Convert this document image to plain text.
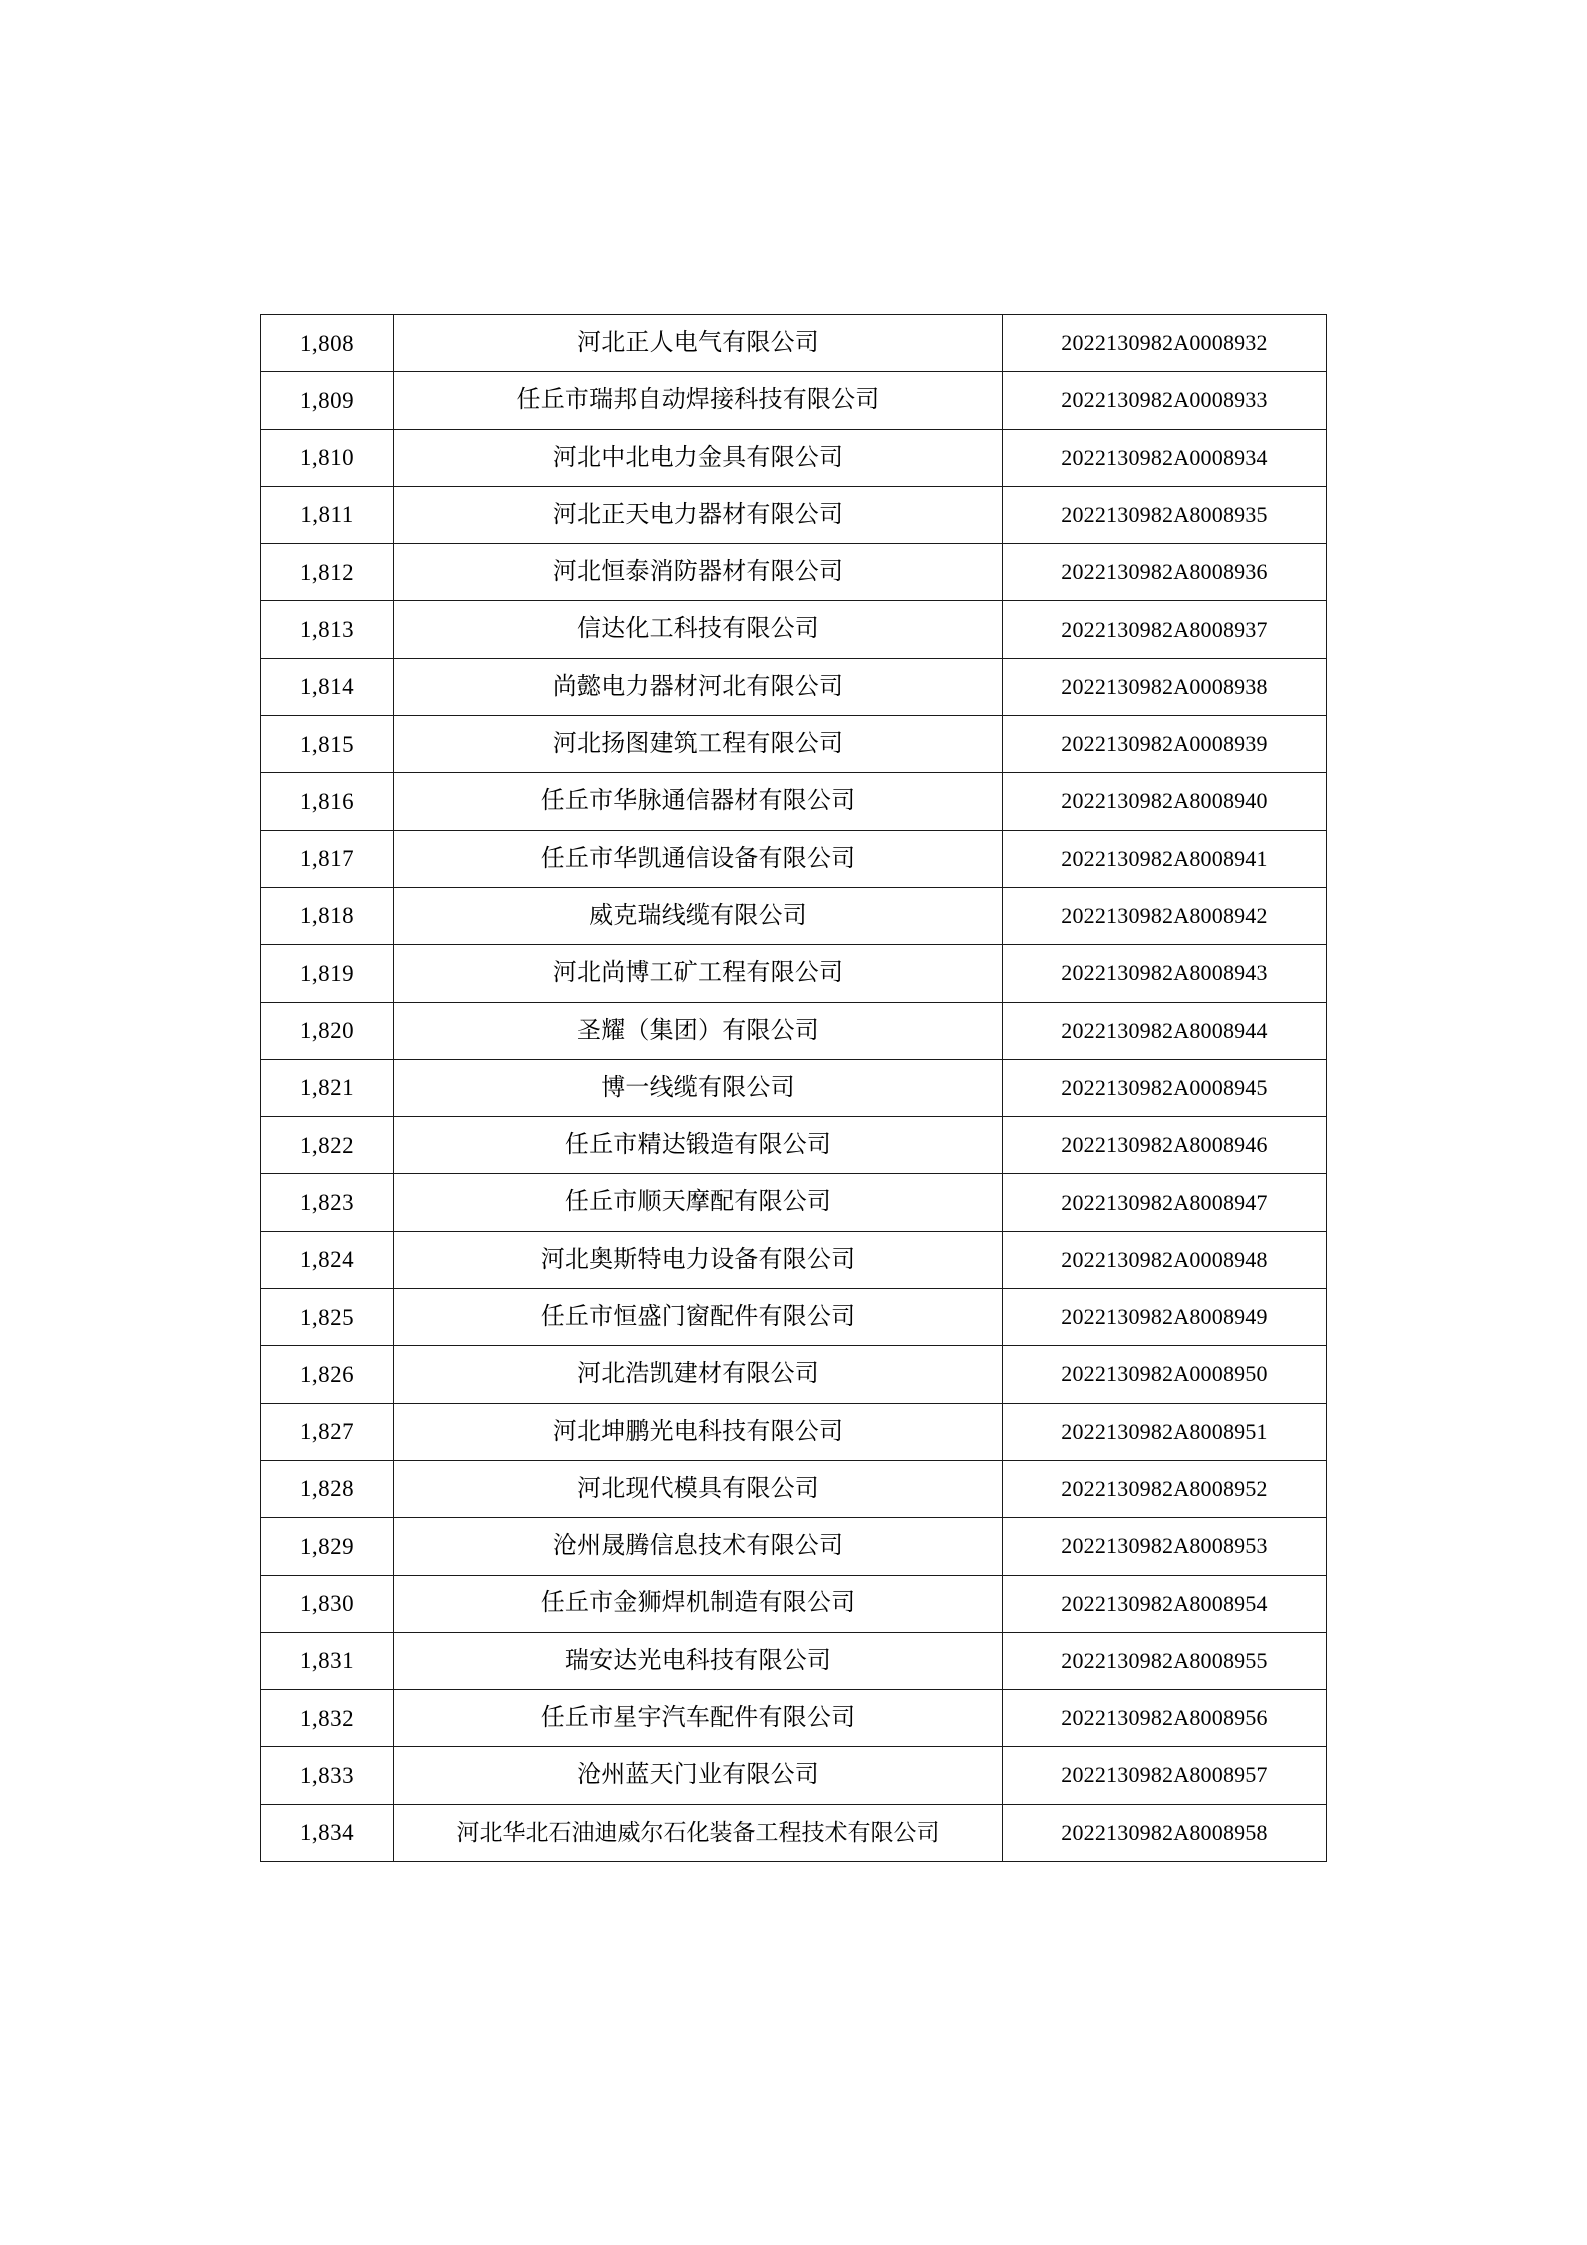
1,808	河北正人电气有限公司	2022130982A0008932
1,809	任丘市瑞邦自动焊接科技有限公司	2022130982A0008933
1,810	河北中北电力金具有限公司	2022130982A0008934
1,811	河北正天电力器材有限公司	2022130982A8008935
1,812	河北恒泰消防器材有限公司	2022130982A8008936
1,813	信达化工科技有限公司	2022130982A8008937
1,814	尚懿电力器材河北有限公司	2022130982A0008938
1,815	河北扬图建筑工程有限公司	2022130982A0008939
1,816	任丘市华脉通信器材有限公司	2022130982A8008940
1,817	任丘市华凯通信设备有限公司	2022130982A8008941
1,818	威克瑞线缆有限公司	2022130982A8008942
1,819	河北尚博工矿工程有限公司	2022130982A8008943
1,820	圣耀（集团）有限公司	2022130982A8008944
1,821	博一线缆有限公司	2022130982A0008945
1,822	任丘市精达锻造有限公司	2022130982A8008946
1,823	任丘市顺天摩配有限公司	2022130982A8008947
1,824	河北奥斯特电力设备有限公司	2022130982A0008948
1,825	任丘市恒盛门窗配件有限公司	2022130982A8008949
1,826	河北浩凯建材有限公司	2022130982A0008950
1,827	河北坤鹏光电科技有限公司	2022130982A8008951
1,828	河北现代模具有限公司	2022130982A8008952
1,829	沧州晟腾信息技术有限公司	2022130982A8008953
1,830	任丘市金狮焊机制造有限公司	2022130982A8008954
1,831	瑞安达光电科技有限公司	2022130982A8008955
1,832	任丘市星宇汽车配件有限公司	2022130982A8008956
1,833	沧州蓝天门业有限公司	2022130982A8008957
1,834	河北华北石油迪威尔石化装备工程技术有限公司	2022130982A8008958
